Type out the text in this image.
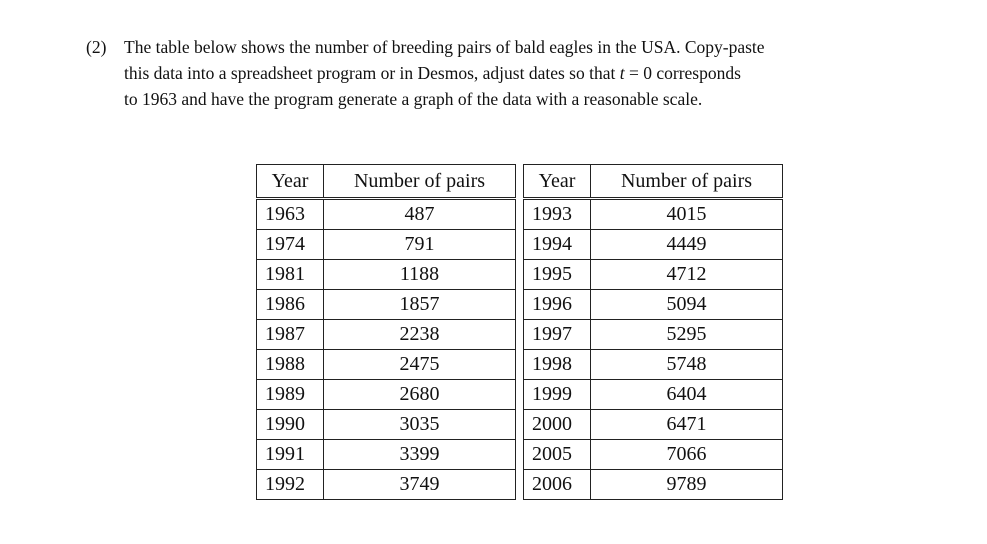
(2) The table below shows the number of breeding pairs of bald eagles in the USA. Copy-paste
this data into a spreadsheet program or in Desmos, adjust dates so that t = 0 corresponds
to 1963 and have the program generate a graph of the data with a reasonable scale.
Year	Number of pairs
1963	487
1974	791
1981	1188
1986	1857
1987	2238
1988	2475
1989	2680
1990	3035
1991	3399
1992	3749
Year	Number of pairs
1993	4015
1994	4449
1995	4712
1996	5094
1997	5295
1998	5748
1999	6404
2000	6471
2005	7066
2006	9789
